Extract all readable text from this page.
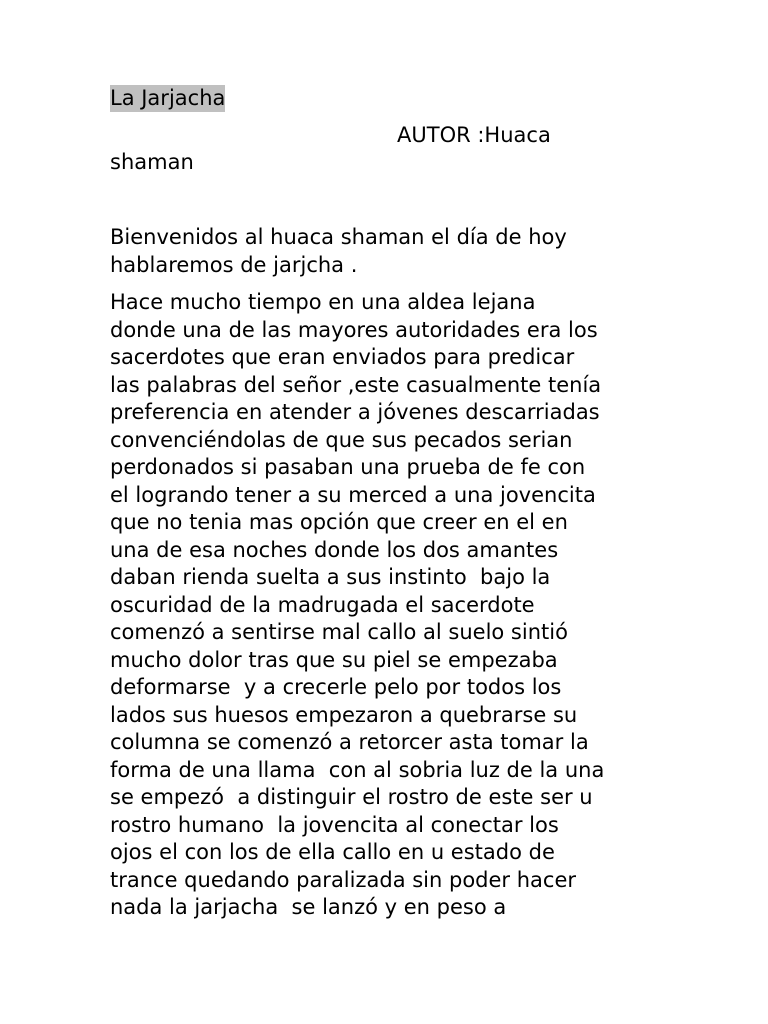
La Jarjacha
AUTOR :Huaca
shaman

Bienvenidos al huaca shaman el día de hoy
hablaremos de jarjcha .

Hace mucho tiempo en una aldea lejana
donde una de las mayores autoridades era los
sacerdotes que eran enviados para predicar
las palabras del señor ,este casualmente tenía
preferencia en atender a jóvenes descarriadas
convenciéndolas de que sus pecados serian
perdonados si pasaban una prueba de fe con
el logrando tener a su merced a una jovencita
que no tenia mas opción que creer en el en
una de esa noches donde los dos amantes
daban rienda suelta a sus instinto  bajo la
oscuridad de la madrugada el sacerdote
comenzó a sentirse mal callo al suelo sintió
mucho dolor tras que su piel se empezaba
deformarse  y a crecerle pelo por todos los
lados sus huesos empezaron a quebrarse su
columna se comenzó a retorcer asta tomar la
forma de una llama  con al sobria luz de la una
se empezó  a distinguir el rostro de este ser u
rostro humano  la jovencita al conectar los
ojos el con los de ella callo en u estado de
trance quedando paralizada sin poder hacer
nada la jarjacha  se lanzó y en peso a
